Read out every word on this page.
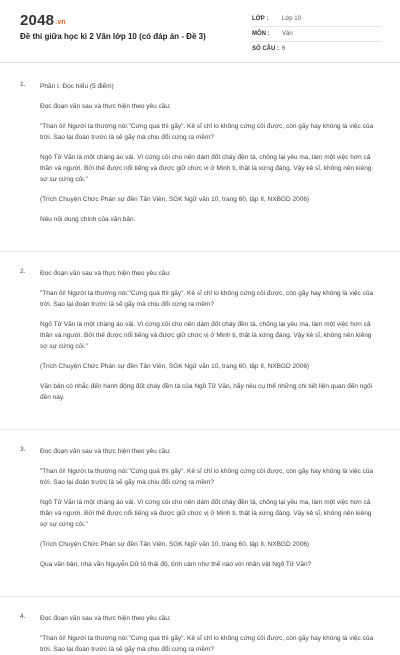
2048.vn
Đề thi giữa học kì 2 Văn lớp 10 (có đáp án - Đề 3)
LỚP :	Lớp 10
MÔN :	Văn
SỐ CÂU : 6
1. Phần I. Đọc hiểu (5 điểm)

Đọc đoạn văn sau và thực hiện theo yêu cầu:

"Than ôi! Người ta thường nói:"Cứng quá thì gãy". Kẻ sĩ chỉ lo không cứng cỏi được, còn gãy hay không là việc của trời. Sao lại đoán trước là sẽ gãy mà chịu đổi cứng ra mềm?

Ngô Tử Văn là một chàng áo vải. Vì cứng cỏi cho nên dám đốt cháy đền tà, chống lại yêu ma, làm một việc hơn cả thần và người. Bởi thế được nổi tiếng và được giữ chức vị ở Minh ti, thật là xứng đáng. Vậy kẻ sĩ, không nên kiêng sợ sự cứng cỏi."

(Trích Chuyện Chức Phán sự đền Tản Viên, SGK Ngữ văn 10, trang 60, tập II, NXBGD 2006)

Nêu nội dung chính của văn bản.

2. Đọc đoạn văn sau và thực hiện theo yêu cầu:

"Than ôi! Người ta thường nói:"Cứng quá thì gãy". Kẻ sĩ chỉ lo không cứng cỏi được, còn gãy hay không là việc của trời. Sao lại đoán trước là sẽ gãy mà chịu đổi cứng ra mềm?

Ngô Tử Văn là một chàng áo vải. Vì cứng cỏi cho nên dám đốt cháy đền tà, chống lại yêu ma, làm một việc hơn cả thần và người. Bởi thế được nổi tiếng và được giữ chức vị ở Minh ti, thật là xứng đáng. Vậy kẻ sĩ, không nên kiêng sợ sự cứng cỏi."

(Trích Chuyện Chức Phán sự đền Tản Viên, SGK Ngữ văn 10, trang 60, tập II, NXBGD 2006)

Văn bản có nhắc đến hành động đốt cháy đền tà của Ngô Tử Văn, hãy nêu cụ thể những chi tiết liên quan đến ngôi đền này.

3. Đọc đoạn văn sau và thực hiện theo yêu cầu:

"Than ôi! Người ta thường nói:"Cứng quá thì gãy". Kẻ sĩ chỉ lo không cứng cỏi được, còn gãy hay không là việc của trời. Sao lại đoán trước là sẽ gãy mà chịu đổi cứng ra mềm?

Ngô Tử Văn là một chàng áo vải. Vì cứng cỏi cho nên dám đốt cháy đền tà, chống lại yêu ma, làm một việc hơn cả thần và người. Bởi thế được nổi tiếng và được giữ chức vị ở Minh ti, thật là xứng đáng. Vậy kẻ sĩ, không nên kiêng sợ sự cứng cỏi."

(Trích Chuyện Chức Phán sự đền Tản Viên, SGK Ngữ văn 10, trang 60, tập II, NXBGD 2006)

Qua văn bản, nhà văn Nguyễn Dữ tỏ thái độ, tình cảm như thế nào với nhân vật Ngô Tử Văn?

4. Đọc đoạn văn sau và thực hiện theo yêu cầu:

"Than ôi! Người ta thường nói:"Cứng quá thì gãy". Kẻ sĩ chỉ lo không cứng cỏi được, còn gãy hay không là việc của trời. Sao lại đoán trước là sẽ gãy mà chịu đổi cứng ra mềm?
